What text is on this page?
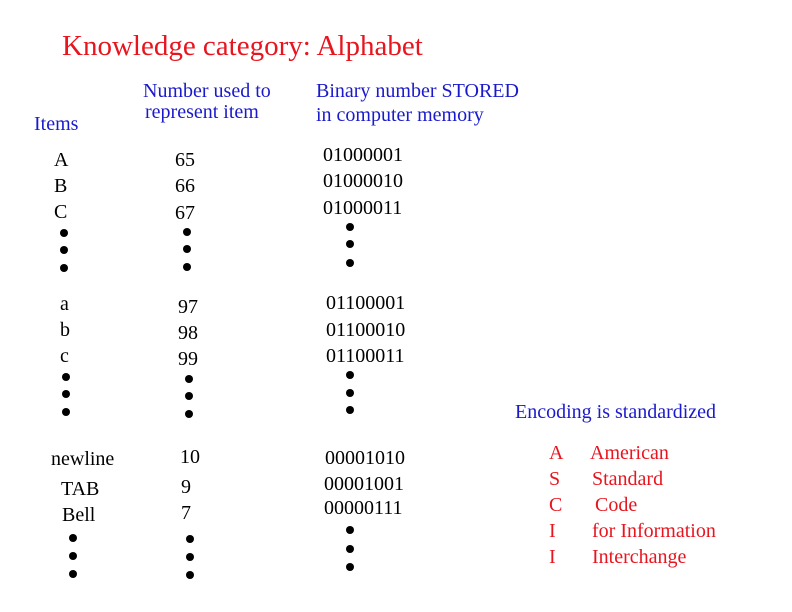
Knowledge category: Alphabet
Items
Number used to
represent item
Binary number STORED
in computer memory
A
B
C
65
66
67
01000001
01000010
01000011
a
b
c
97
98
99
01100001
01100010
01100011
newline
TAB
Bell
10
9
7
00001010
00001001
00000111
Encoding is standardized
A American
S Standard
C Code
I for Information
I Interchange
